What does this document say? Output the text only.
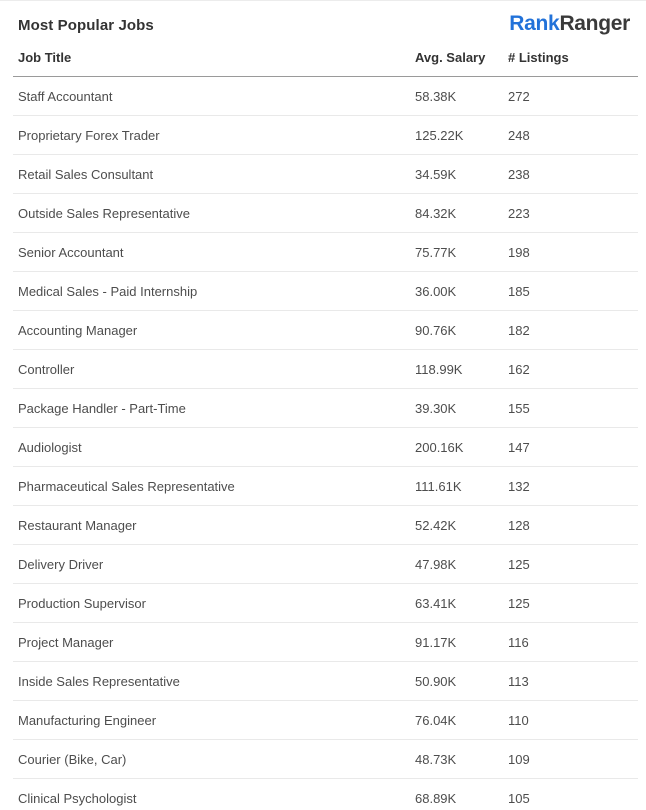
Most Popular Jobs	RankRanger
Job Title	Avg. Salary	# Listings
Staff Accountant	58.38K	272
Proprietary Forex Trader	125.22K	248
Retail Sales Consultant	34.59K	238
Outside Sales Representative	84.32K	223
Senior Accountant	75.77K	198
Medical Sales - Paid Internship	36.00K	185
Accounting Manager	90.76K	182
Controller	118.99K	162
Package Handler - Part-Time	39.30K	155
Audiologist	200.16K	147
Pharmaceutical Sales Representative	111.61K	132
Restaurant Manager	52.42K	128
Delivery Driver	47.98K	125
Production Supervisor	63.41K	125
Project Manager	91.17K	116
Inside Sales Representative	50.90K	113
Manufacturing Engineer	76.04K	110
Courier (Bike, Car)	48.73K	109
Clinical Psychologist	68.89K	105
